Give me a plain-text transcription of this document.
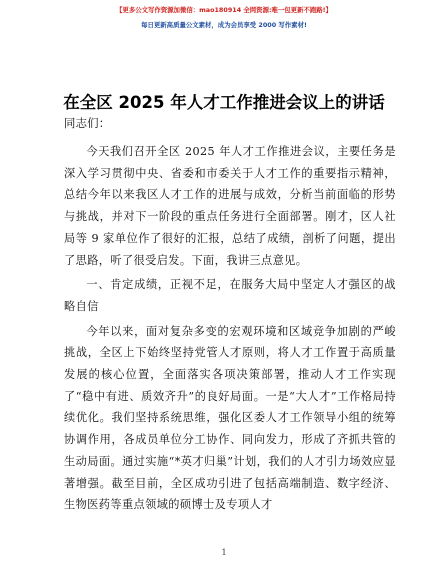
【更多公文写作资源加微信：mao180914 全网资源:唯一包更新不跑路!】
每日更新高质量公文素材，成为会员享受 2000 写作素材!
在全区 2025 年人才工作推进会议上的讲话

同志们：

今天我们召开全区 2025 年人才工作推进会议，主要任务是深入学习贯彻中央、省委和市委关于人才工作的重要指示精神，总结今年以来我区人才工作的进展与成效，分析当前面临的形势与挑战，并对下一阶段的重点任务进行全面部署。刚才，区人社局等 9 家单位作了很好的汇报，总结了成绩，剖析了问题，提出了思路，听了很受启发。下面，我讲三点意见。

一、肯定成绩，正视不足，在服务大局中坚定人才强区的战略自信

今年以来，面对复杂多变的宏观环境和区域竞争加剧的严峻挑战，全区上下始终坚持党管人才原则，将人才工作置于高质量发展的核心位置，全面落实各项决策部署，推动人才工作实现了“稳中有进、质效齐升”的良好局面。一是“大人才”工作格局持续优化。我们坚持系统思维，强化区委人才工作领导小组的统筹协调作用，各成员单位分工协作、同向发力，形成了齐抓共管的生动局面。通过实施“*英才归巢”计划，我们的人才引力场效应显著增强。截至目前，全区成功引进了包括高端制造、数字经济、生物医药等重点领域的硕博士及专项人才

1
